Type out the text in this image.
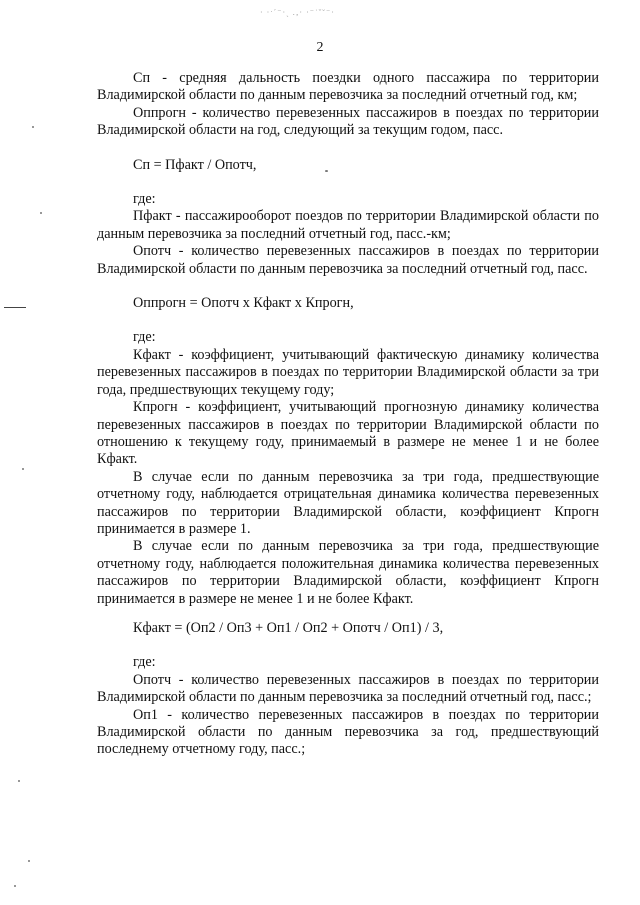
· ·ˑ´⁻·ˏ .‚· ·⁻˙ˇ˘⁻·
2

Сп - средняя дальность поездки одного пассажира по территории Владимирской области по данным перевозчика за последний отчетный год, км;

Оппрогн - количество перевезенных пассажиров в поездах по территории Владимирской области на год, следующий за текущим годом, пасс.

Сп = Пфакт / Опотч,

где:

Пфакт - пассажирооборот поездов по территории Владимирской области по данным перевозчика за последний отчетный год, пасс.-км;

Опотч - количество перевезенных пассажиров в поездах по территории Владимирской области по данным перевозчика за последний отчетный год, пасс.

Оппрогн = Опотч х Кфакт х Кпрогн,

где:

Кфакт - коэффициент, учитывающий фактическую динамику количества перевезенных пассажиров в поездах по территории Владимирской области за три года, предшествующих текущему году;

Кпрогн - коэффициент, учитывающий прогнозную динамику количества перевезенных пассажиров в поездах по территории Владимирской области по отношению к текущему году, принимаемый в размере не менее 1 и не более Кфакт.

В случае если по данным перевозчика за три года, предшествующие отчетному году, наблюдается отрицательная динамика количества перевезенных пассажиров по территории Владимирской области, коэффициент Кпрогн принимается в размере 1.

В случае если по данным перевозчика за три года, предшествующие отчетному году, наблюдается положительная динамика количества перевезенных пассажиров по территории Владимирской области, коэффициент Кпрогн принимается в размере не менее 1 и не более Кфакт.

Кфакт = (Оп2 / Оп3 + Оп1 / Оп2 + Опотч / Оп1) / 3,

где:

Опотч - количество перевезенных пассажиров в поездах по территории Владимирской области по данным перевозчика за последний отчетный год, пасс.;

Оп1 - количество перевезенных пассажиров в поездах по территории Владимирской области по данным перевозчика за год, предшествующий последнему отчетному году, пасс.;
